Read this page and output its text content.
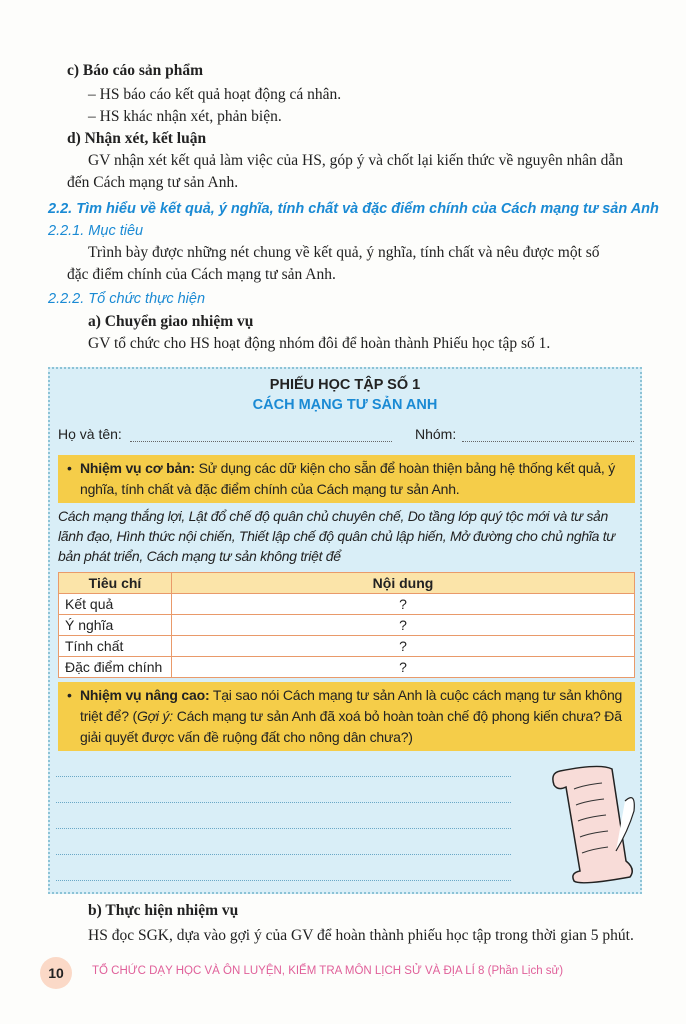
c) Báo cáo sản phẩm
– HS báo cáo kết quả hoạt động cá nhân.
– HS khác nhận xét, phản biện.
d) Nhận xét, kết luận
GV nhận xét kết quả làm việc của HS, góp ý và chốt lại kiến thức về nguyên nhân dẫn
đến Cách mạng tư sản Anh.
2.2. Tìm hiểu về kết quả, ý nghĩa, tính chất và đặc điểm chính của Cách mạng tư sản Anh
2.2.1. Mục tiêu
Trình bày được những nét chung về kết quả, ý nghĩa, tính chất và nêu được một số
đặc điểm chính của Cách mạng tư sản Anh.
2.2.2. Tổ chức thực hiện
a) Chuyển giao nhiệm vụ
GV tổ chức cho HS hoạt động nhóm đôi để hoàn thành Phiếu học tập số 1.
PHIẾU HỌC TẬP SỐ 1
CÁCH MẠNG TƯ SẢN ANH
Họ và tên:	Nhóm:
• Nhiệm vụ cơ bản: Sử dụng các dữ kiện cho sẵn để hoàn thiện bảng hệ thống kết quả, ý nghĩa, tính chất và đặc điểm chính của Cách mạng tư sản Anh.
Cách mạng thắng lợi, Lật đổ chế độ quân chủ chuyên chế, Do tầng lớp quý tộc mới và tư sản lãnh đạo, Hình thức nội chiến, Thiết lập chế độ quân chủ lập hiến, Mở đường cho chủ nghĩa tư bản phát triển, Cách mạng tư sản không triệt để
Tiêu chí	Nội dung
Kết quả	?
Ý nghĩa	?
Tính chất	?
Đặc điểm chính	?
• Nhiệm vụ nâng cao: Tại sao nói Cách mạng tư sản Anh là cuộc cách mạng tư sản không triệt để? (Gợi ý: Cách mạng tư sản Anh đã xoá bỏ hoàn toàn chế độ phong kiến chưa? Đã giải quyết được vấn đề ruộng đất cho nông dân chưa?)
b) Thực hiện nhiệm vụ
HS đọc SGK, dựa vào gợi ý của GV để hoàn thành phiếu học tập trong thời gian 5 phút.
10	TỔ CHỨC DẠY HỌC VÀ ÔN LUYỆN, KIỂM TRA MÔN LỊCH SỬ VÀ ĐỊA LÍ 8 (Phần Lịch sử)
